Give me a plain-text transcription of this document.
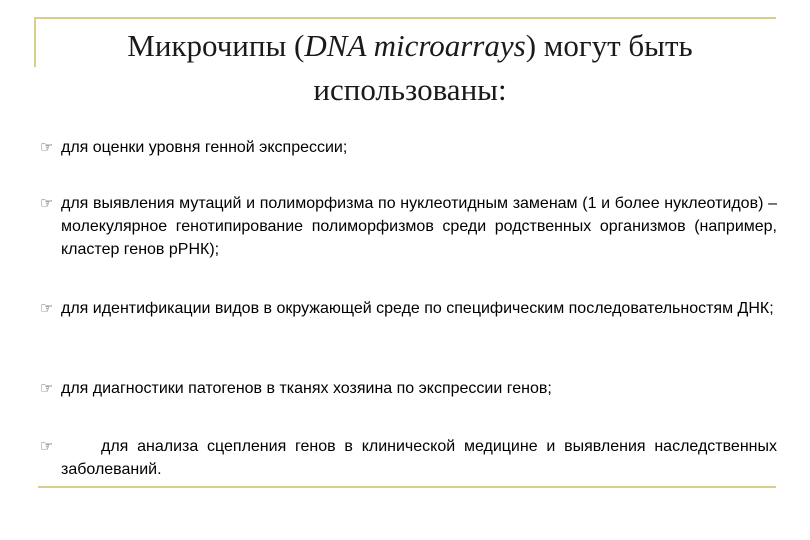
Микрочипы (DNA microarrays) могут быть
использованы:
☞ для оценки уровня генной экспрессии;
☞ для выявления мутаций и полиморфизма по нуклеотидным заменам (1 и более нуклеотидов) – молекулярное генотипирование полиморфизмов среди родственных организмов (например, кластер генов рРНК);
☞ для идентификации видов в окружающей среде по специфическим последовательностям ДНК;
☞ для диагностики патогенов в тканях хозяина по экспрессии генов;
☞	для анализа сцепления генов в клинической медицине и выявления наследственных заболеваний.
